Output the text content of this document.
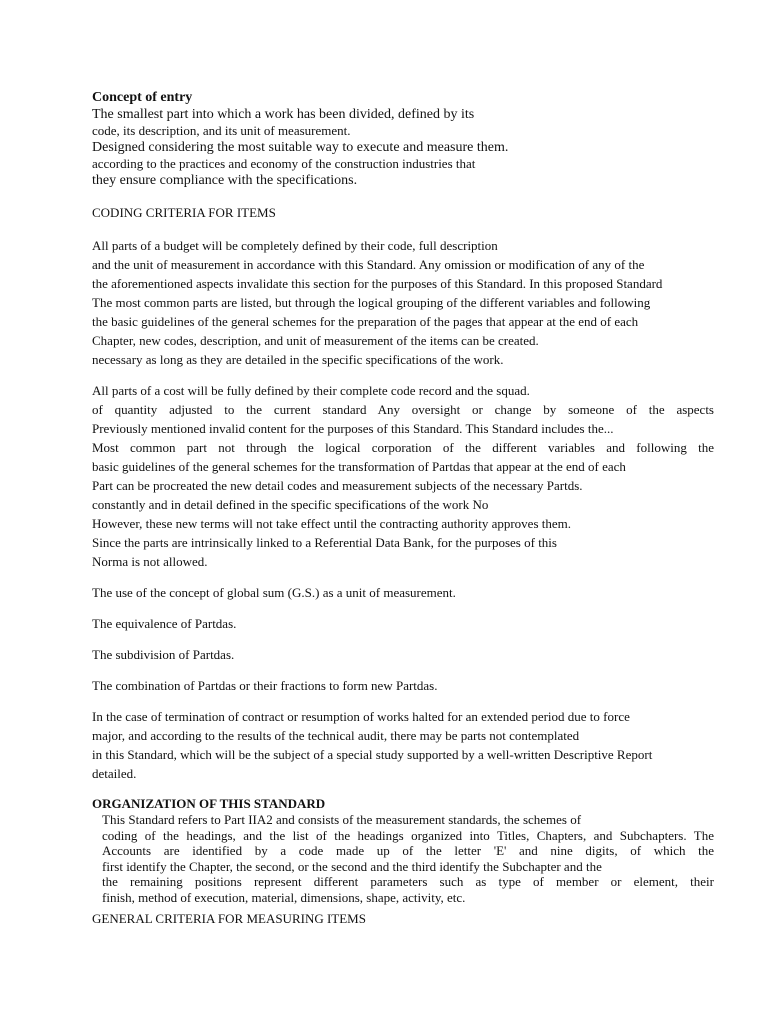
Concept of entry
The smallest part into which a work has been divided, defined by its
code, its description, and its unit of measurement.
Designed considering the most suitable way to execute and measure them.
according to the practices and economy of the construction industries that
they ensure compliance with the specifications.
CODING CRITERIA FOR ITEMS
All parts of a budget will be completely defined by their code, full description
and the unit of measurement in accordance with this Standard. Any omission or modification of any of the
the aforementioned aspects invalidate this section for the purposes of this Standard. In this proposed Standard
The most common parts are listed, but through the logical grouping of the different variables and following
the basic guidelines of the general schemes for the preparation of the pages that appear at the end of each
Chapter, new codes, description, and unit of measurement of the items can be created.
necessary as long as they are detailed in the specific specifications of the work.
All parts of a cost will be fully defined by their complete code record and the squad.
of quantity adjusted to the current standard Any oversight or change by someone of the aspects
Previously mentioned invalid content for the purposes of this Standard. This Standard includes the...
Most common part not through the logical corporation of the different variables and following the
basic guidelines of the general schemes for the transformation of Partdas that appear at the end of each
Part can be procreated the new detail codes and measurement subjects of the necessary Partds.
constantly and in detail defined in the specific specifications of the work No
However, these new terms will not take effect until the contracting authority approves them.
Since the parts are intrinsically linked to a Referential Data Bank, for the purposes of this
Norma is not allowed.
The use of the concept of global sum (G.S.) as a unit of measurement.
The equivalence of Partdas.
The subdivision of Partdas.
The combination of Partdas or their fractions to form new Partdas.
In the case of termination of contract or resumption of works halted for an extended period due to force
major, and according to the results of the technical audit, there may be parts not contemplated
in this Standard, which will be the subject of a special study supported by a well-written Descriptive Report
detailed.
ORGANIZATION OF THIS STANDARD
This Standard refers to Part IIA2 and consists of the measurement standards, the schemes of
coding of the headings, and the list of the headings organized into Titles, Chapters, and Subchapters. The
Accounts are identified by a code made up of the letter 'E' and nine digits, of which the
first identify the Chapter, the second, or the second and the third identify the Subchapter and the
the remaining positions represent different parameters such as type of member or element, their
finish, method of execution, material, dimensions, shape, activity, etc.
GENERAL CRITERIA FOR MEASURING ITEMS
